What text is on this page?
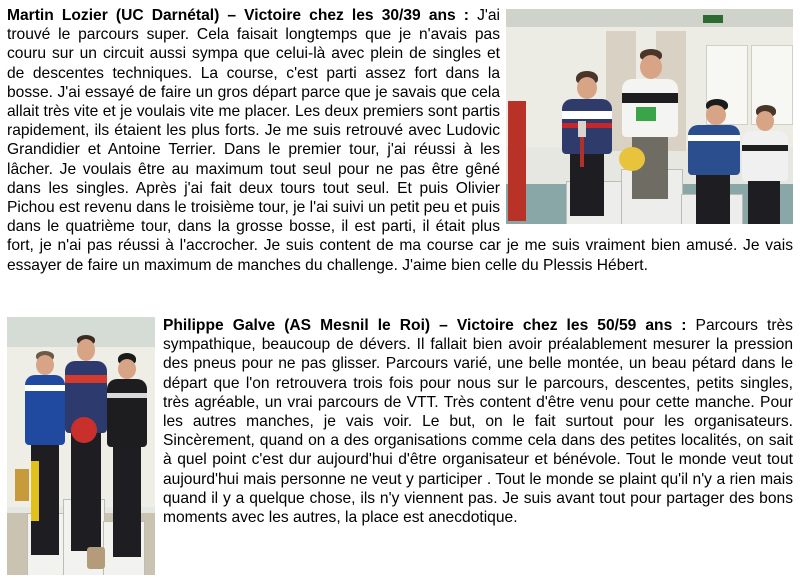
Martin Lozier (UC Darnétal) – Victoire chez les 30/39 ans : J'ai trouvé le parcours super. Cela faisait longtemps que je n'avais pas couru sur un circuit aussi sympa que celui-là avec plein de singles et de descentes techniques. La course, c'est parti assez fort dans la bosse. J'ai essayé de faire un gros départ parce que je savais que cela allait très vite et je voulais vite me placer. Les deux premiers sont partis rapidement, ils étaient les plus forts. Je me suis retrouvé avec Ludovic Grandidier et Antoine Terrier. Dans le premier tour, j'ai réussi à les lâcher. Je voulais être au maximum tout seul pour ne pas être gêné dans les singles. Après j'ai fait deux tours tout seul. Et puis Olivier Pichou est revenu dans le troisième tour, je l'ai suivi un petit peu et puis dans le quatrième tour, dans la grosse bosse, il est parti, il était plus fort, je n'ai pas réussi à l'accrocher. Je suis content de ma course car je me suis vraiment bien amusé. Je vais essayer de faire un maximum de manches du challenge. J'aime bien celle du Plessis Hébert.
Philippe Galve (AS Mesnil le Roi) – Victoire chez les 50/59 ans : Parcours très sympathique, beaucoup de dévers. Il fallait bien avoir préalablement mesurer la pression des pneus pour ne pas glisser. Parcours varié, une belle montée, un beau pétard dans le départ que l'on retrouvera trois fois pour nous sur le parcours, descentes, petits singles, très agréable, un vrai parcours de VTT. Très content d'être venu pour cette manche. Pour les autres manches, je vais voir. Le but, on le fait surtout pour les organisateurs. Sincèrement, quand on a des organisations comme cela dans des petites localités, on sait à quel point c'est dur aujourd'hui d'être organisateur et bénévole. Tout le monde veut tout aujourd'hui mais personne ne veut y participer . Tout le monde se plaint qu'il n'y a rien mais quand il y a quelque chose, ils n'y viennent pas. Je suis avant tout pour partager des bons moments avec les autres, la place est anecdotique.
